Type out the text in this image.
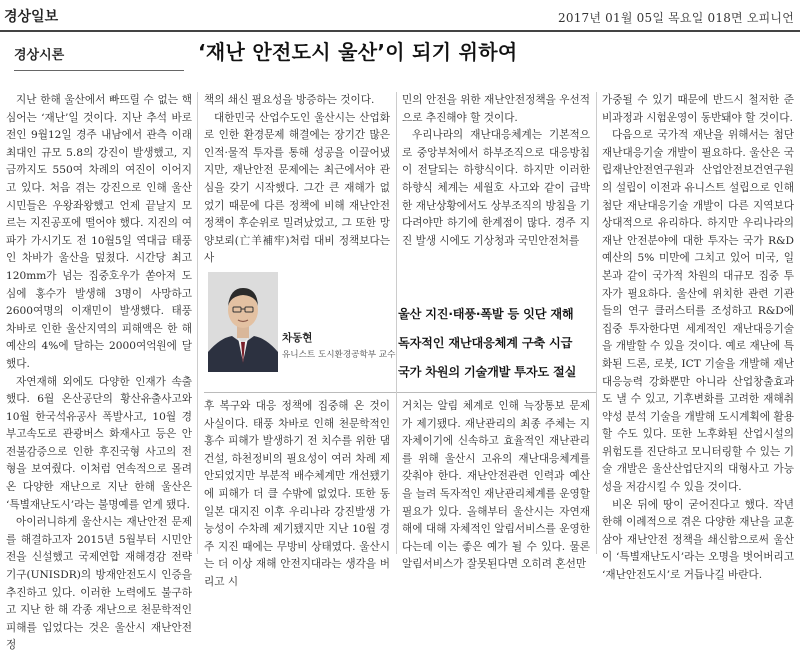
경상일보	2017년 01월 05일 목요일 018면 오피니언
경상시론	‘재난 안전도시 울산’이 되기 위하여

지난 한해 울산에서 빠뜨릴 수 없는 핵심어는 ‘재난’일 것이다. 지난 추석 바로 전인 9월12일 경주 내남에서 관측 이래 최대인 규모 5.8의 강진이 발생했고, 지금까지도 550여 차례의 여진이 이어지고 있다. 처음 겪는 강진으로 인해 울산 시민들은 우왕좌왕했고 언제 끝날지 모르는 지진공포에 떨어야 했다. 지진의 여파가 가시기도 전 10월5일 역대급 태풍인 차바가 울산을 덮쳤다. 시간당 최고 120mm가 넘는 집중호우가 쏟아져 도심에 홍수가 발생해 3명이 사망하고 2600여명의 이재민이 발생했다. 태풍 차바로 인한 울산지역의 피해액은 한 해 예산의 4%에 달하는 2000여억원에 달했다.

자연재해 외에도 다양한 인재가 속출했다. 6월 온산공단의 황산유출사고와 10월 한국석유공사 폭발사고, 10월 경부고속도로 관광버스 화재사고 등은 안전불감증으로 인한 후진국형 사고의 전형을 보여줬다. 이처럼 연속적으로 몰려온 다양한 재난으로 지난 한해 울산은 ‘특별재난도시’라는 불명예를 얻게 됐다.

아이러니하게 울산시는 재난안전 문제를 해결하고자 2015년 5월부터 시민안전을 신설했고 국제연합 재해경감 전략기구(UNISDR)의 방재안전도시 인증을 추진하고 있다. 이러한 노력에도 불구하고 지난 한 해 각종 재난으로 천문학적인 피해를 입었다는 것은 울산시 재난안전 정

책의 쇄신 필요성을 방증하는 것이다.

대한민국 산업수도인 울산시는 산업화로 인한 환경문제 해결에는 장기간 많은 인적·물적 투자를 통해 성공을 이끌어냈지만, 재난안전 문제에는 최근에서야 관심을 갖기 시작했다. 그간 큰 재해가 없었기 때문에 다른 정책에 비해 재난안전 정책이 후순위로 밀려났었고, 그 또한 망양보뢰(亡羊補牢)처럼 대비 정책보다는 사

민의 안전을 위한 재난안전정책을 우선적으로 추진해야 할 것이다.

우리나라의 재난대응체계는 기본적으로 중앙부처에서 하부조직으로 대응방침이 전달되는 하향식이다. 하지만 이러한 하향식 체계는 세월호 사고와 같이 급박한 재난상황에서도 상부조직의 방침을 기다려야만 하기에 한계점이 많다. 경주 지진 발생 시에도 기상청과 국민안전처를

차동현
유니스트 도시환경공학부 교수
울산 지진·태풍·폭발 등 잇단 재해
독자적인 재난대응체계 구축 시급
국가 차원의 기술개발 투자도 절실

후 복구와 대응 정책에 집중해 온 것이 사실이다. 태풍 차바로 인해 천문학적인 홍수 피해가 발생하기 전 치수를 위한 댐건설, 하천정비의 필요성이 여러 차례 제안되었지만 부분적 배수체계만 개선됐기에 피해가 더 클 수밖에 없었다. 또한 동일본 대지진 이후 우리나라 강진발생 가능성이 수차례 제기됐지만 지난 10월 경주 지진 때에는 무방비 상태였다. 울산시는 더 이상 재해 안전지대라는 생각을 버리고 시

거치는 알림 체계로 인해 늑장통보 문제가 제기됐다. 재난관리의 최종 주체는 지자체이기에 신속하고 효율적인 재난관리를 위해 울산시 고유의 재난대응체계를 갖춰야 한다. 재난안전관련 인력과 예산을 늘려 독자적인 재난관리체계를 운영할 필요가 있다. 올해부터 울산시는 자연재해에 대해 자체적인 알림서비스를 운영한다는데 이는 좋은 예가 될 수 있다. 물론 알림서비스가 잘못된다면 오히려 혼선만

가중될 수 있기 때문에 반드시 철저한 준비과정과 시험운영이 동반돼야 할 것이다.

다음으로 국가적 재난을 위해서는 첨단 재난대응기술 개발이 필요하다. 울산은 국립재난안전연구원과 산업안전보건연구원의 설립이 이전과 유니스트 설립으로 인해 첨단 재난대응기술 개발이 다른 지역보다 상대적으로 유리하다. 하지만 우리나라의 재난 안전분야에 대한 투자는 국가 R&D 예산의 5% 미만에 그치고 있어 미국, 일본과 같이 국가적 차원의 대규모 집중 투자가 필요하다. 울산에 위치한 관련 기관들의 연구 클러스터를 조성하고 R&D에 집중 투자한다면 세계적인 재난대응기술을 개발할 수 있을 것이다. 예로 재난에 특화된 드론, 로봇, ICT 기술을 개발해 재난대응능력 강화뿐만 아니라 산업창출효과도 낼 수 있고, 기후변화를 고려한 재해취약성 분석 기술을 개발해 도시계획에 활용할 수도 있다. 또한 노후화된 산업시설의 위험도를 진단하고 모니터링할 수 있는 기술 개발은 울산산업단지의 대형사고 가능성을 저감시킬 수 있을 것이다.

비온 뒤에 땅이 굳어진다고 했다. 작년 한해 이례적으로 겪은 다양한 재난을 교훈삼아 재난안전 정책을 쇄신함으로써 울산이 ‘특별재난도시’라는 오명을 벗어버리고 ‘재난안전도시’로 거듭나길 바란다.
